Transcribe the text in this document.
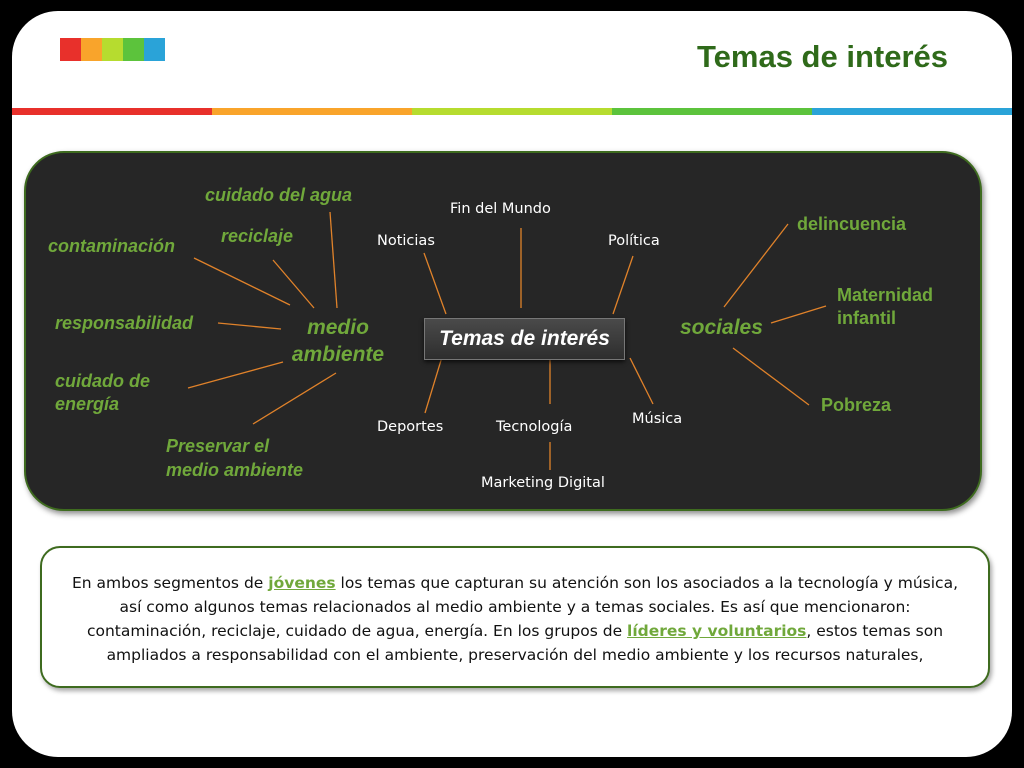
Temas de interés
Temas de interés
cuidado del agua
reciclaje
contaminación
responsabilidad
cuidado de
energía
Preservar el
medio ambiente
medio
ambiente
sociales
delincuencia
Maternidad
infantil
Pobreza
Fin del Mundo
Noticias	Política
Deportes	Tecnología	Música
Marketing Digital
En ambos segmentos de jóvenes los temas que capturan su atención son los asociados a la tecnología y música, así como algunos temas relacionados al medio ambiente y a temas sociales. Es así que mencionaron: contaminación, reciclaje, cuidado de agua, energía. En los grupos de líderes y voluntarios, estos temas son ampliados a responsabilidad con el ambiente, preservación del medio ambiente y los recursos naturales,
